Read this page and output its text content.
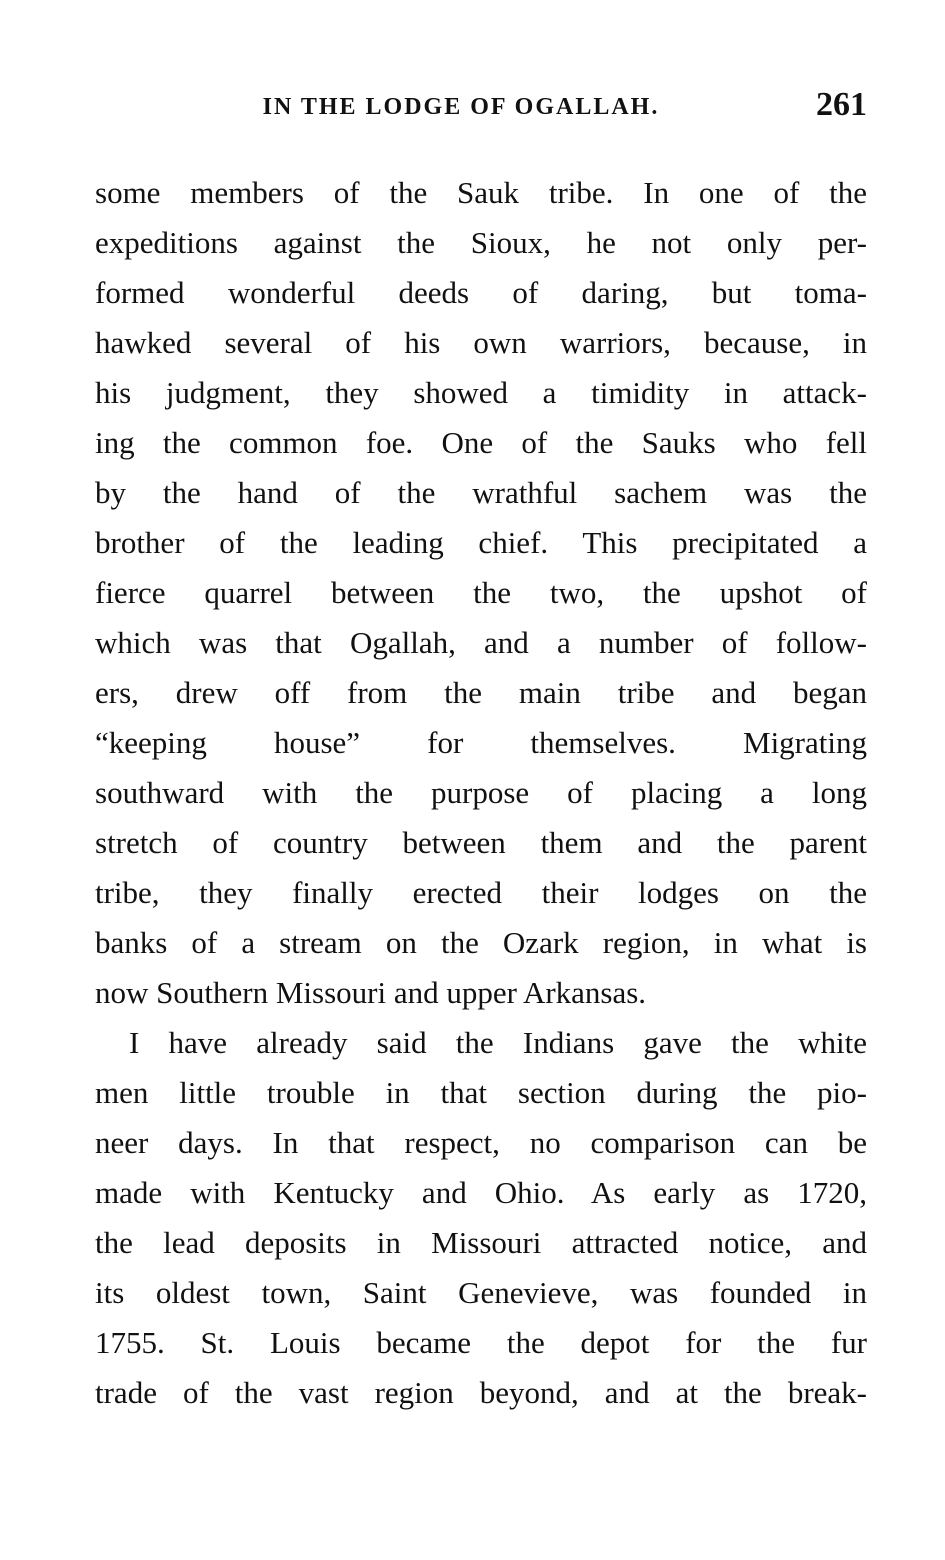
IN THE LODGE OF OGALLAH.	261
some members of the Sauk tribe. In one of the
expeditions against the Sioux, he not only per-
formed wonderful deeds of daring, but toma-
hawked several of his own warriors, because, in
his judgment, they showed a timidity in attack-
ing the common foe. One of the Sauks who fell
by the hand of the wrathful sachem was the
brother of the leading chief. This precipitated a
fierce quarrel between the two, the upshot of
which was that Ogallah, and a number of follow-
ers, drew off from the main tribe and began
“keeping house” for themselves. Migrating
southward with the purpose of placing a long
stretch of country between them and the parent
tribe, they finally erected their lodges on the
banks of a stream on the Ozark region, in what is
now Southern Missouri and upper Arkansas.
I have already said the Indians gave the white
men little trouble in that section during the pio-
neer days. In that respect, no comparison can be
made with Kentucky and Ohio. As early as 1720,
the lead deposits in Missouri attracted notice, and
its oldest town, Saint Genevieve, was founded in
1755. St. Louis became the depot for the fur
trade of the vast region beyond, and at the break-
